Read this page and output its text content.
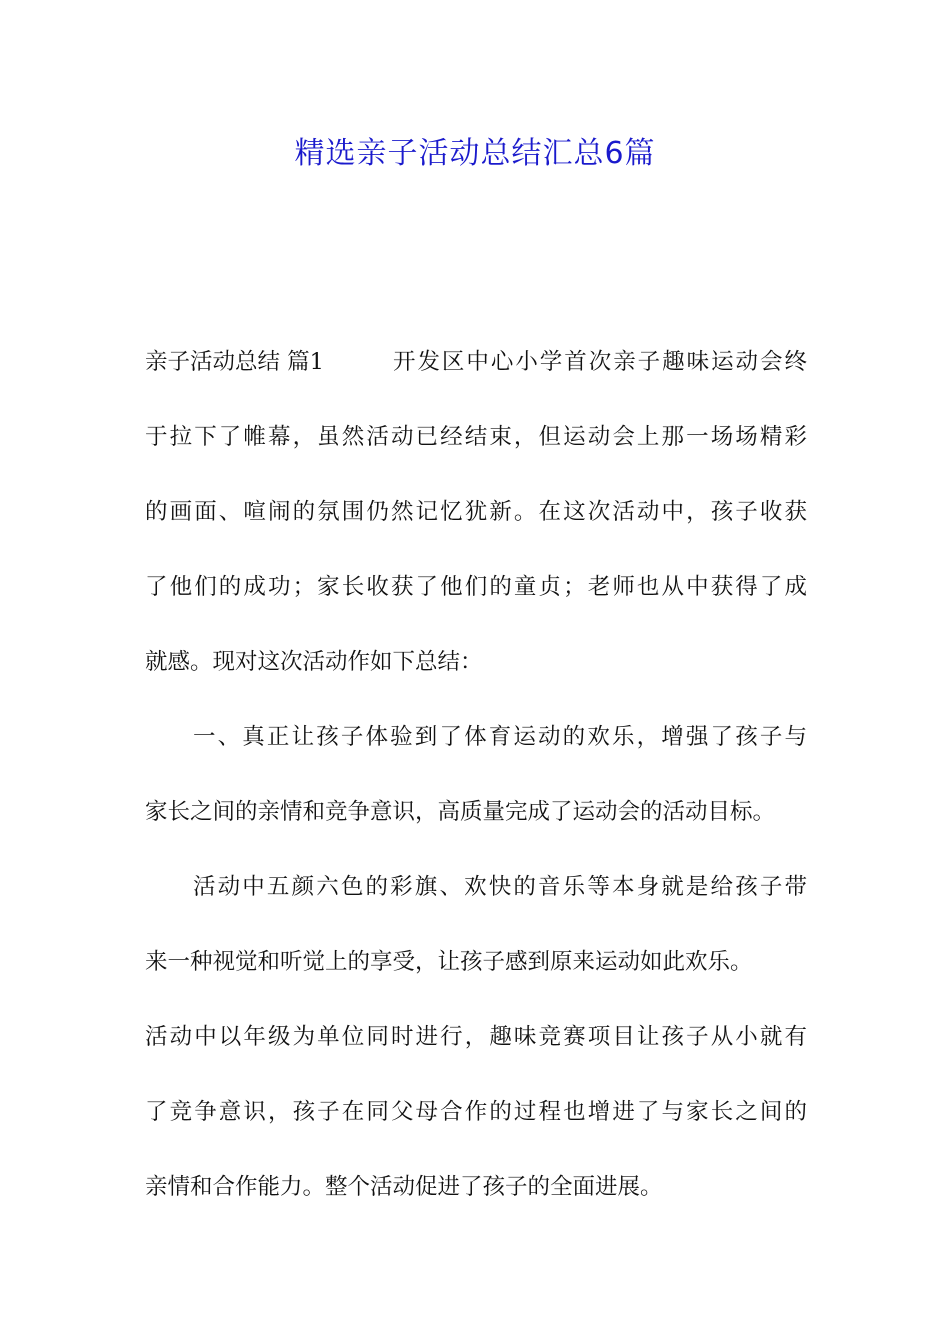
精选亲子活动总结汇总6篇
亲子活动总结 篇1	开发区中心小学首次亲子趣味运动会终
于拉下了帷幕，虽然活动已经结束，但运动会上那一场场精彩
的画面、喧闹的氛围仍然记忆犹新。在这次活动中，孩子收获
了他们的成功；家长收获了他们的童贞；老师也从中获得了成
就感。现对这次活动作如下总结：
一、真正让孩子体验到了体育运动的欢乐，增强了孩子与
家长之间的亲情和竞争意识，高质量完成了运动会的活动目标。
活动中五颜六色的彩旗、欢快的音乐等本身就是给孩子带
来一种视觉和听觉上的享受，让孩子感到原来运动如此欢乐。
活动中以年级为单位同时进行，趣味竞赛项目让孩子从小就有
了竞争意识，孩子在同父母合作的过程也增进了与家长之间的
亲情和合作能力。整个活动促进了孩子的全面进展。
